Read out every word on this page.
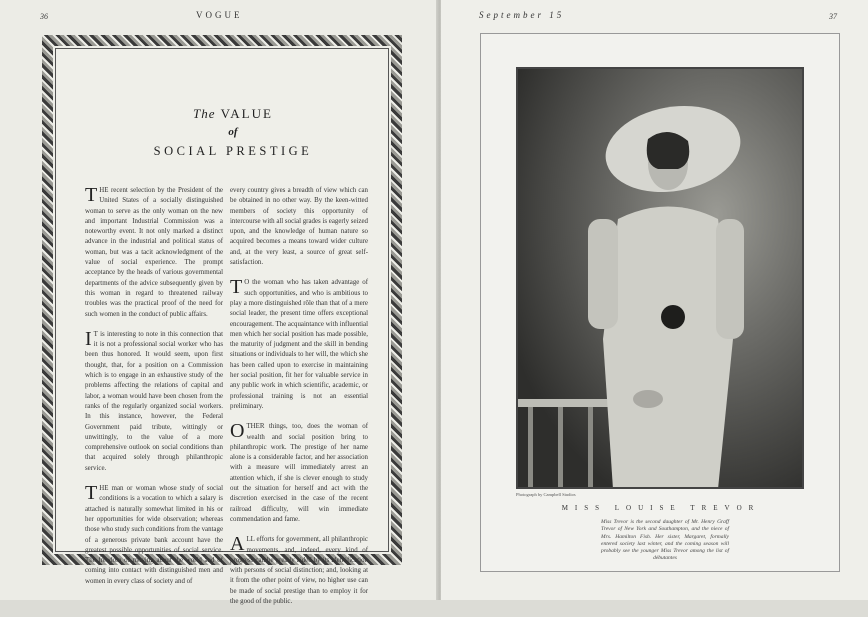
36	VOGUE
The VALUE
of
SOCIAL PRESTIGE

THE recent selection by the President of the United States of a socially distinguished woman to serve as the only woman on the new and important Industrial Commission was a noteworthy event. It not only marked a distinct advance in the industrial and political status of woman, but was a tacit acknowledgment of the value of social experience. The prompt acceptance by the heads of various governmental departments of the advice subsequently given by this woman in regard to threatened railway troubles was the practical proof of the need for such women in the conduct of public affairs.

I T is interesting to note in this connection that it is not a professional social worker who has been thus honored. It would seem, upon first thought, that, for a position on a Commission which is to engage in an exhaustive study of the problems affecting the relations of capital and labor, a woman would have been chosen from the ranks of the regularly organized social workers. In this instance, however, the Federal Government paid tribute, wittingly or unwittingly, to the value of a more comprehensive outlook on social conditions than that acquired solely through philanthropic service.

THE man or woman whose study of social conditions is a vocation to which a salary is attached is naturally somewhat limited in his or her opportunities for wide observation; whereas those who study such conditions from the vantage of a generous private bank account have the greatest possible opportunities of social service. The freedom of moving about the world and of coming into contact with distinguished men and women in every class of society and of

every country gives a breadth of view which can be obtained in no other way. By the keen-witted members of society this opportunity of intercourse with all social grades is eagerly seized upon, and the knowledge of human nature so acquired becomes a means toward wider culture and, at the very least, a source of great self-satisfaction.

T O the woman who has taken advantage of such opportunities, and who is ambitious to play a more distinguished rôle than that of a mere social leader, the present time offers exceptional encouragement. The acquaintance with influential men which her social position has made possible, the maturity of judgment and the skill in bending situations or individuals to her will, the which she has been called upon to exercise in maintaining her social position, fit her for valuable service in any public work in which scientific, academic, or professional training is not an essential preliminary.

OTHER things, too, does the woman of wealth and social position bring to philanthropic work. The prestige of her name alone is a considerable factor, and her association with a measure will immediately arrest an attention which, if she is clever enough to study out the situation for herself and act with the discretion exercised in the case of the recent railroad difficulty, will win immediate commendation and fame.

ALL efforts for government, all philanthropic movements, and, indeed, every kind of progress can be greatly aided by its identification with persons of social distinction; and, looking at it from the other point of view, no higher use can be made of social prestige than to employ it for the good of the public.

September 15	37
Photograph by Campbell Studios
MISS LOUISE TREVOR
Miss Trevor is the second daughter of Mr. Henry Graff Trevor of New York and Southampton, and the niece of Mrs. Hamilton Fish. Her sister, Margaret, formally entered society last winter, and the coming season will probably see the younger Miss Trevor among the list of débutantes
